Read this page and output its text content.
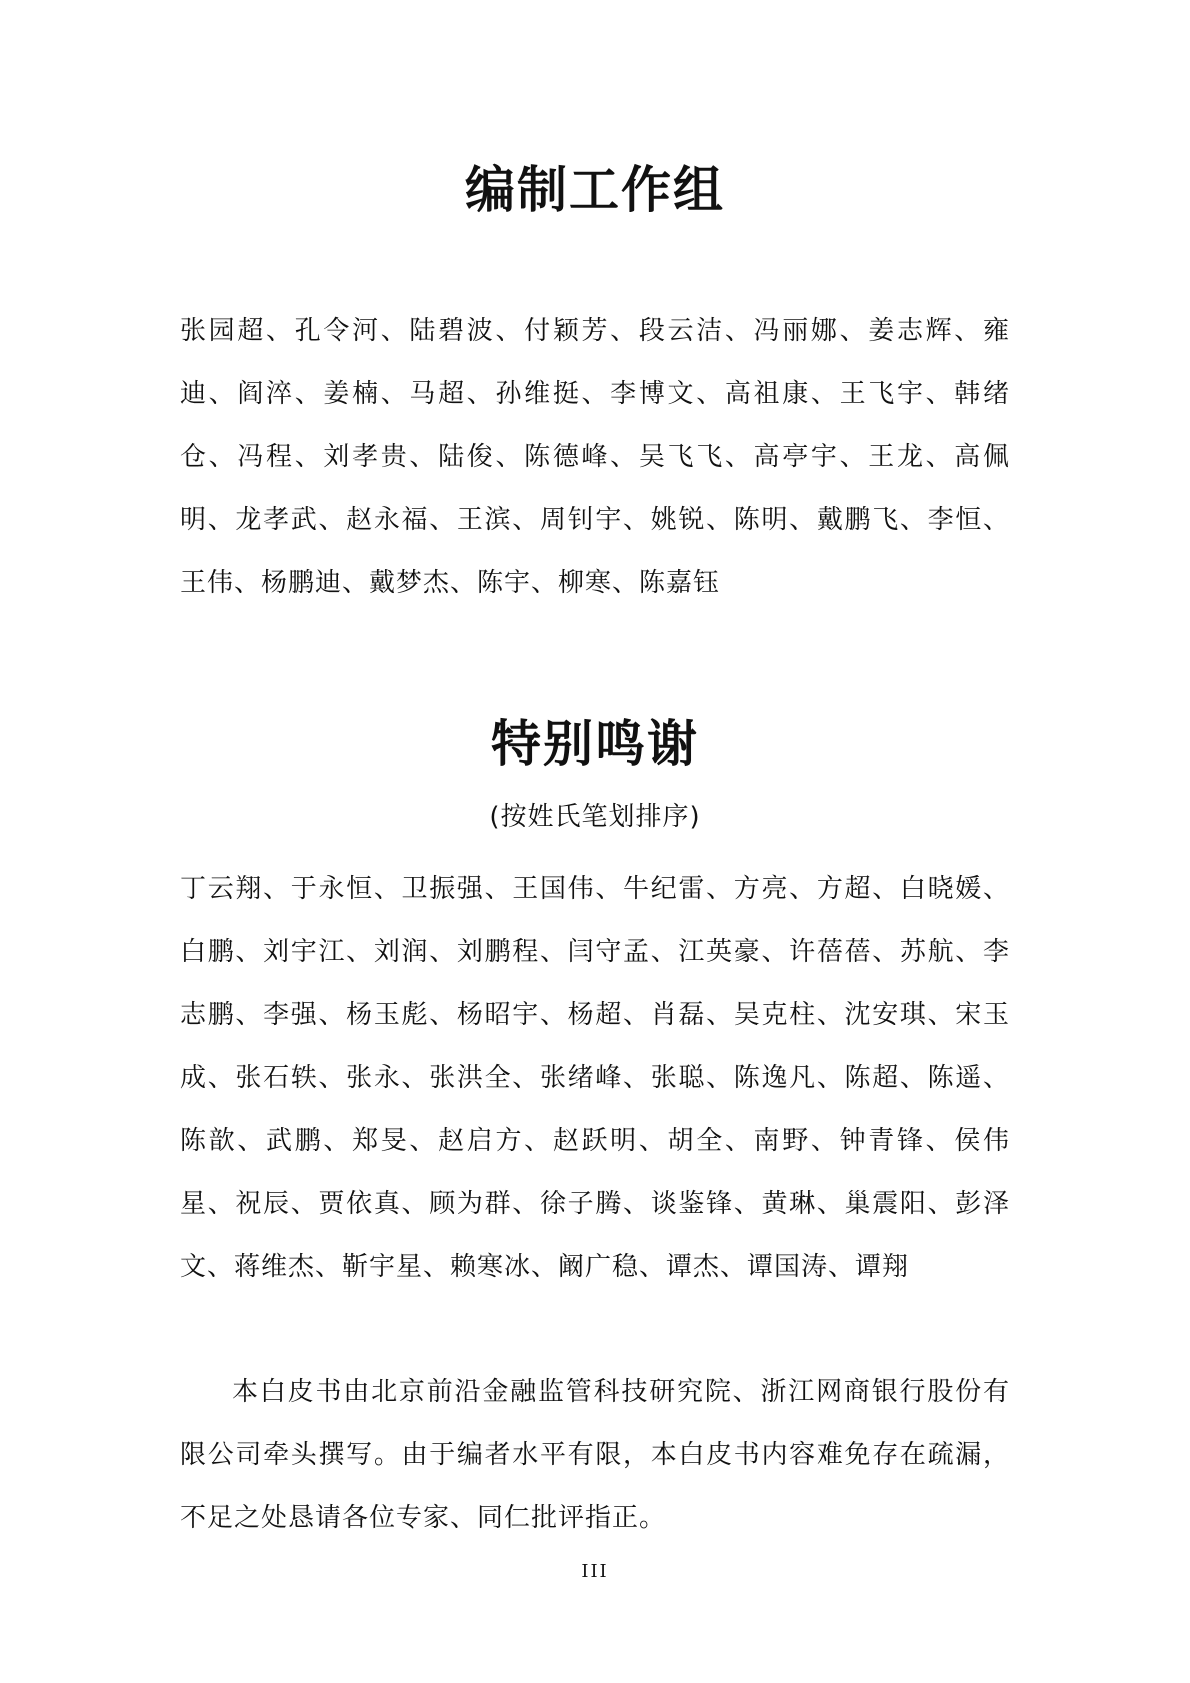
编制工作组

张园超、孔令河、陆碧波、付颖芳、段云洁、冯丽娜、姜志辉、雍迪、阎淬、姜楠、马超、孙维挺、李博文、高祖康、王飞宇、韩绪仓、冯程、刘孝贵、陆俊、陈德峰、吴飞飞、高亭宇、王龙、高佩明、龙孝武、赵永福、王滨、周钊宇、姚锐、陈明、戴鹏飞、李恒、王伟、杨鹏迪、戴梦杰、陈宇、柳寒、陈嘉钰

特别鸣谢
(按姓氏笔划排序)

丁云翔、于永恒、卫振强、王国伟、牛纪雷、方亮、方超、白晓媛、白鹏、刘宇江、刘润、刘鹏程、闫守孟、江英豪、许蓓蓓、苏航、李志鹏、李强、杨玉彪、杨昭宇、杨超、肖磊、吴克柱、沈安琪、宋玉成、张石轶、张永、张洪全、张绪峰、张聪、陈逸凡、陈超、陈遥、陈歆、武鹏、郑旻、赵启方、赵跃明、胡全、南野、钟青锋、侯伟星、祝辰、贾依真、顾为群、徐子腾、谈鉴锋、黄琳、巢震阳、彭泽文、蒋维杰、靳宇星、赖寒冰、阚广稳、谭杰、谭国涛、谭翔

本白皮书由北京前沿金融监管科技研究院、浙江网商银行股份有限公司牵头撰写。由于编者水平有限，本白皮书内容难免存在疏漏，不足之处恳请各位专家、同仁批评指正。

III
